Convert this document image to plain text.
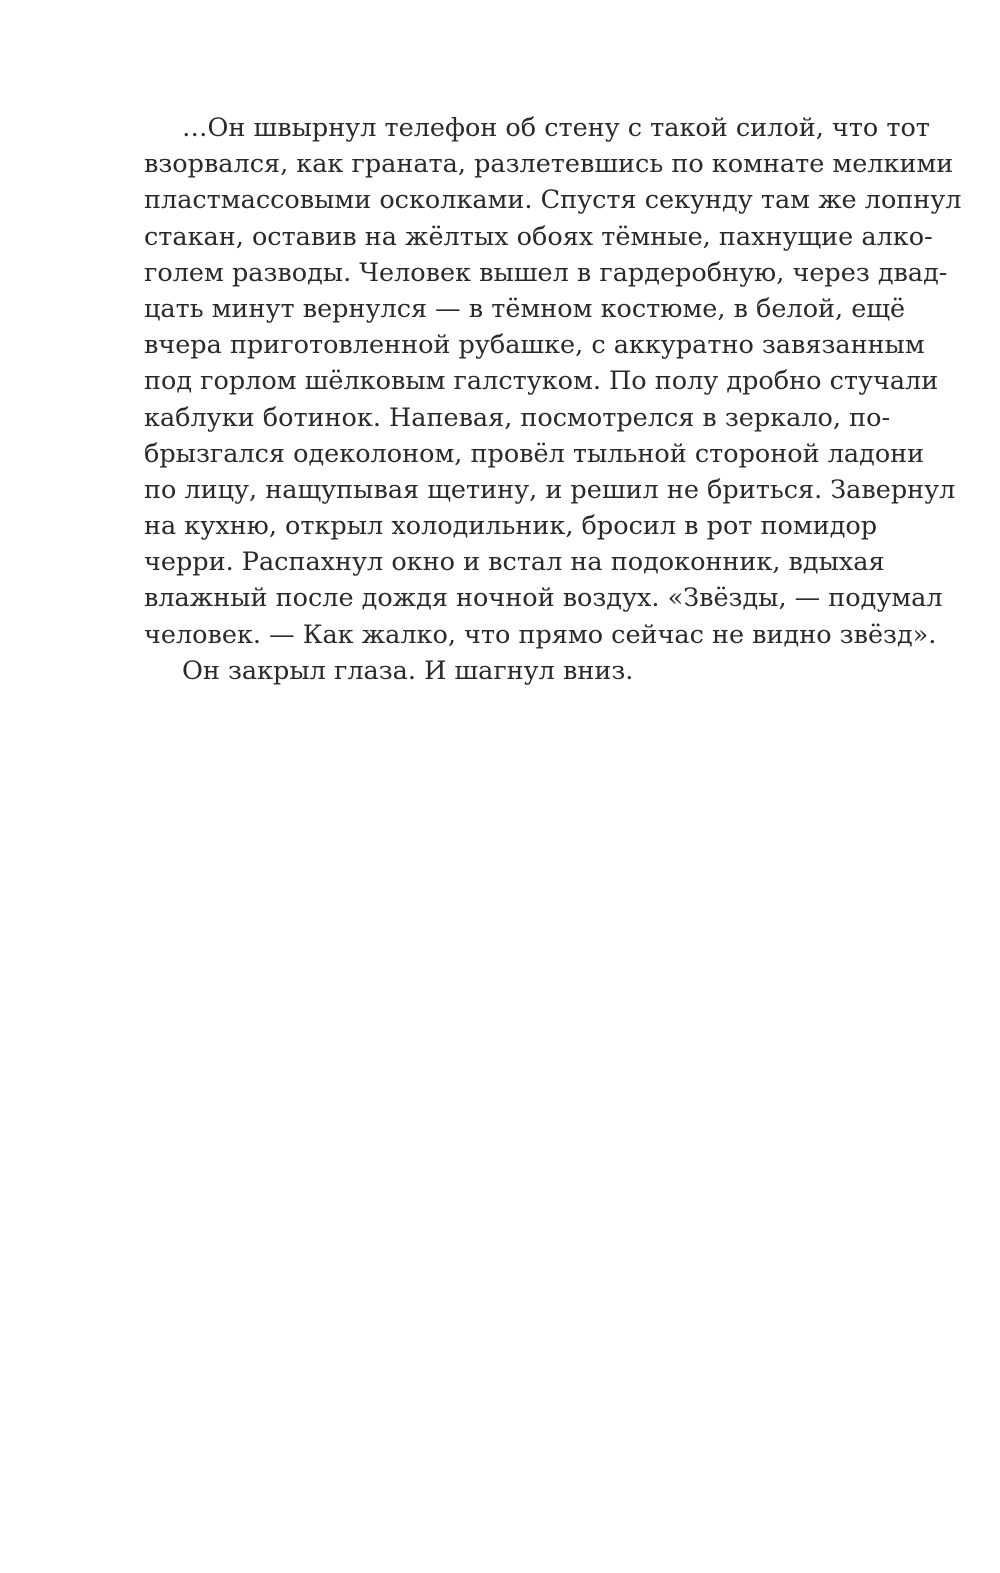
…Он швырнул телефон об стену с такой силой, что тот
взорвался, как граната, разлетевшись по комнате мелкими
пластмассовыми осколками. Спустя секунду там же лопнул
стакан, оставив на жёлтых обоях тёмные, пахнущие алко-
голем разводы. Человек вышел в гардеробную, через двад-
цать минут вернулся — в тёмном костюме, в белой, ещё
вчера приготовленной рубашке, с аккуратно завязанным
под горлом шёлковым галстуком. По полу дробно стучали
каблуки ботинок. Напевая, посмотрелся в зеркало, по-
брызгался одеколоном, провёл тыльной стороной ладони
по лицу, нащупывая щетину, и решил не бриться. Завернул
на кухню, открыл холодильник, бросил в рот помидор
черри. Распахнул окно и встал на подоконник, вдыхая
влажный после дождя ночной воздух. «Звёзды, — подумал
человек. — Как жалко, что прямо сейчас не видно звёзд».
Он закрыл глаза. И шагнул вниз.
